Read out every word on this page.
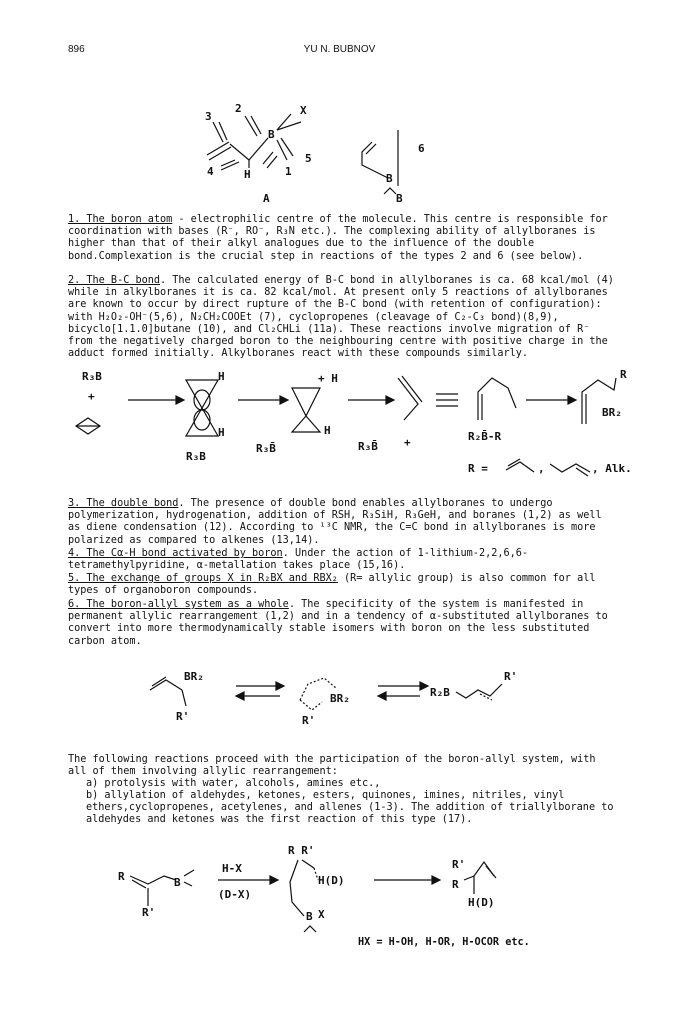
896	YU N. BUBNOV
B
H
X
3
2
4	1
5
A
B
6
B

1. The boron atom - electrophilic centre of the molecule. This centre is responsible for coordination with bases (R⁻, RO⁻, R₃N etc.). The complexing ability of allylboranes is higher than that of their alkyl analogues due to the influence of the double bond.Complexation is the crucial step in reactions of the types 2 and 6 (see below).

2. The B-C bond. The calculated energy of B-C bond in allylboranes is ca. 68 kcal/mol (4) while in alkylboranes it is ca. 82 kcal/mol. At present only 5 reactions of allylboranes are known to occur by direct rupture of the B-C bond (with retention of configuration): with H₂O₂-OH⁻(5,6), N₂CH₂COOEt (7), cyclopropenes (cleavage of C₂-C₃ bond)(8,9), bicyclo[1.1.0]butane (10), and Cl₂CHLi (11a). These reactions involve migration of R⁻ from the negatively charged boron to the neighbouring centre with positive charge in the adduct formed initially. Alkylboranes react with these compounds similarly.

R₃B
+
H
H
R₃B
+ H
H
R₃B̄	R₃B̄ +	R₂B̄-R
R
BR₂
R =	,	, Alk.

3. The double bond. The presence of double bond enables allylboranes to undergo polymerization, hydrogenation, addition of RSH, R₃SiH, R₃GeH, and boranes (1,2) as well as diene condensation (12). According to ¹³C NMR, the C=C bond in allylboranes is more polarized as compared to alkenes (13,14).

4. The Cα-H bond activated by boron. Under the action of 1-lithium-2,2,6,6-tetramethylpyridine, α-metallation takes place (15,16).

5. The exchange of groups X in R₂BX and RBX₂ (R= allylic group) is also common for all types of organoboron compounds.

6. The boron-allyl system as a whole. The specificity of the system is manifested in permanent allylic rearrangement (1,2) and in a tendency of α-substituted allylboranes to convert into more thermodynamically stable isomers with boron on the less substituted carbon atom.

BR₂
R'
BR₂
R'
R₂B
R'

The following reactions proceed with the participation of the boron-allyl system, with all of them involving allylic rearrangement:

a) protolysis with water, alcohols, amines etc.,

b) allylation of aldehydes, ketones, esters, quinones, imines, nitriles, vinyl ethers,cyclopropenes, acetylenes, and allenes (1-3). The addition of triallylborane to aldehydes and ketones was the first reaction of this type (17).

R	B
R'
H-X
(D-X)
R R'
H(D)
B X
R'
R
H(D)

HX = H-OH, H-OR, H-OCOR etc.
